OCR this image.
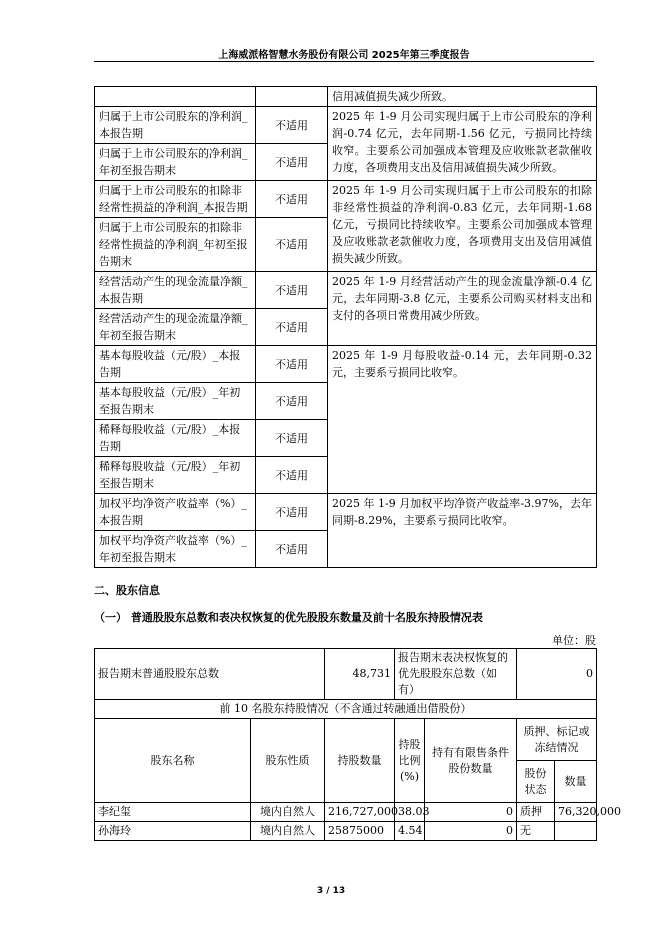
上海威派格智慧水务股份有限公司 2025年第三季度报告
		信用减值损失减少所致。
归属于上市公司股东的净利润_本报告期	不适用	2025 年 1-9 月公司实现归属于上市公司股东的净利润-0.74 亿元，去年同期-1.56 亿元，亏损同比持续收窄。主要系公司加强成本管理及应收账款老款催收力度，各项费用支出及信用减值损失减少所致。
归属于上市公司股东的净利润_年初至报告期末	不适用	
归属于上市公司股东的扣除非经常性损益的净利润_本报告期	不适用	2025 年 1-9 月公司实现归属于上市公司股东的扣除非经常性损益的净利润-0.83 亿元，去年同期-1.68 亿元，亏损同比持续收窄。主要系公司加强成本管理及应收账款老款催收力度，各项费用支出及信用减值损失减少所致。
归属于上市公司股东的扣除非经常性损益的净利润_年初至报告期末	不适用	
经营活动产生的现金流量净额_本报告期	不适用	2025 年 1-9 月经营活动产生的现金流量净额-0.4 亿元，去年同期-3.8 亿元，主要系公司购买材料支出和支付的各项日常费用减少所致。
经营活动产生的现金流量净额_年初至报告期末	不适用	
基本每股收益（元/股）_本报告期	不适用	2025 年 1-9 月每股收益-0.14 元，去年同期-0.32 元，主要系亏损同比收窄。
基本每股收益（元/股）_年初至报告期末	不适用	
稀释每股收益（元/股）_本报告期	不适用	
稀释每股收益（元/股）_年初至报告期末	不适用	
加权平均净资产收益率（%）_本报告期	不适用	2025 年 1-9 月加权平均净资产收益率-3.97%，去年同期-8.29%，主要系亏损同比收窄。
加权平均净资产收益率（%）_年初至报告期末	不适用	
二、股东信息
（一） 普通股股东总数和表决权恢复的优先股股东数量及前十名股东持股情况表
单位：股
报告期末普通股股东总数		48,731	报告期末表决权恢复的优先股股东总数（如有）		0	
前 10 名股东持股情况（不含通过转融通出借股份）						
股东名称	股东性质	持股数量	持股比例(%)	持有有限售条件股份数量	质押、标记或冻结情况	
					股份状态	数量
李纪玺	境内自然人	216,727,000	38.03	0	质押	76,320,000
孙海玲	境内自然人	25875000	4.54	0	无	
3 / 13
